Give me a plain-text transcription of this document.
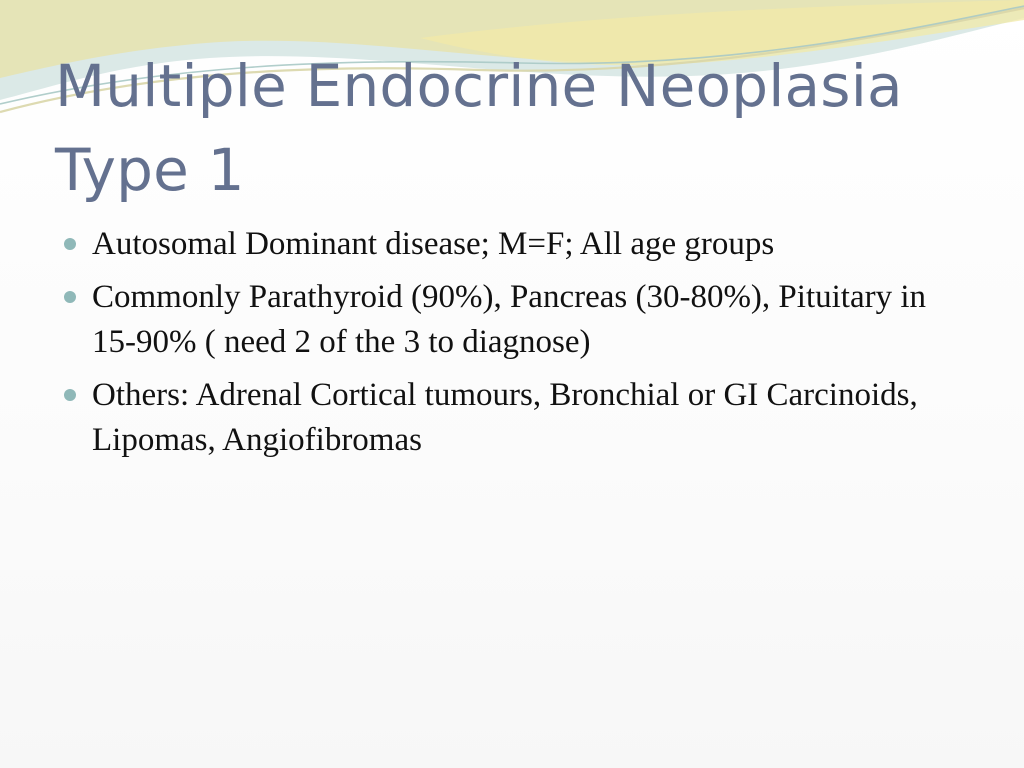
Multiple Endocrine Neoplasia Type 1
Autosomal Dominant disease; M=F; All age groups
Commonly Parathyroid (90%), Pancreas (30-80%), Pituitary in 15-90% ( need 2 of the 3 to diagnose)
Others: Adrenal Cortical tumours, Bronchial or GI Carcinoids, Lipomas, Angiofibromas
